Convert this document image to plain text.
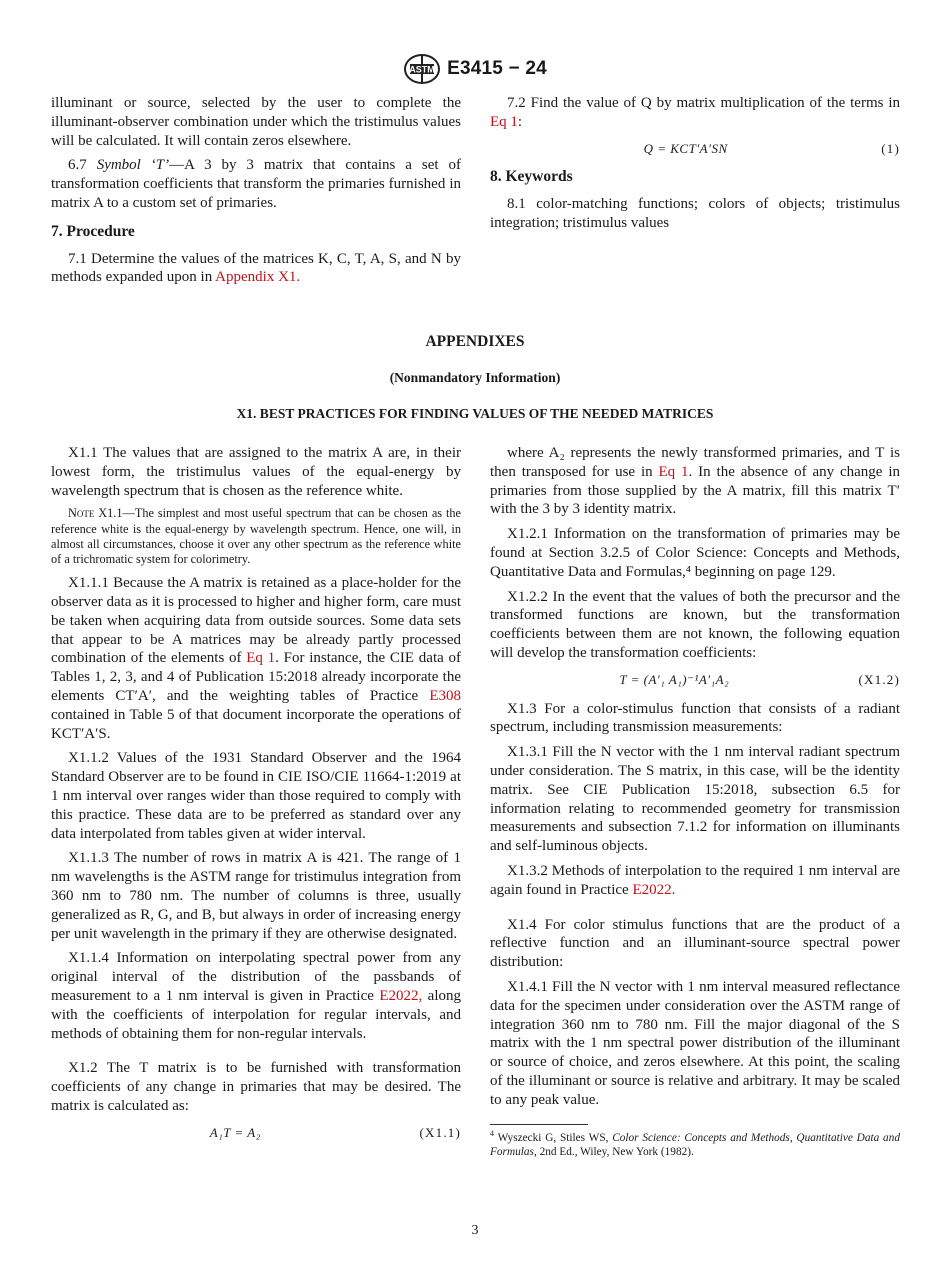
ASTM E3415 − 24

illuminant or source, selected by the user to complete the illuminant-observer combination under which the tristimulus values will be calculated. It will contain zeros elsewhere.

6.7 Symbol ‘T’—A 3 by 3 matrix that contains a set of transformation coefficients that transform the primaries furnished in matrix A to a custom set of primaries.

7. Procedure

7.1 Determine the values of the matrices K, C, T, A, S, and N by methods expanded upon in Appendix X1.

7.2 Find the value of Q by matrix multiplication of the terms in Eq 1:

Q = KCT′A′SN	(1)
8. Keywords

8.1 color-matching functions; colors of objects; tristimulus integration; tristimulus values

APPENDIXES
(Nonmandatory Information)
X1. BEST PRACTICES FOR FINDING VALUES OF THE NEEDED MATRICES

X1.1 The values that are assigned to the matrix A are, in their lowest form, the tristimulus values of the equal-energy by wavelength spectrum that is chosen as the reference white.

Note X1.1—The simplest and most useful spectrum that can be chosen as the reference white is the equal-energy by wavelength spectrum. Hence, one will, in almost all circumstances, choose it over any other spectrum as the reference white of a trichromatic system for colorimetry.

X1.1.1 Because the A matrix is retained as a place-holder for the observer data as it is processed to higher and higher form, care must be taken when acquiring data from outside sources. Some data sets that appear to be A matrices may be already partly processed combination of the elements of Eq 1. For instance, the CIE data of Tables 1, 2, 3, and 4 of Publication 15:2018 already incorporate the elements CT′A′, and the weighting tables of Practice E308 contained in Table 5 of that document incorporate the operations of KCT′A′S.

X1.1.2 Values of the 1931 Standard Observer and the 1964 Standard Observer are to be found in CIE ISO/CIE 11664-1:2019 at 1 nm interval over ranges wider than those required to comply with this practice. These data are to be preferred as standard over any data interpolated from tables given at wider interval.

X1.1.3 The number of rows in matrix A is 421. The range of 1 nm wavelengths is the ASTM range for tristimulus integration from 360 nm to 780 nm. The number of columns is three, usually generalized as R, G, and B, but always in order of increasing energy per unit wavelength in the primary if they are otherwise designated.

X1.1.4 Information on interpolating spectral power from any original interval of the distribution of the passbands of measurement to a 1 nm interval is given in Practice E2022, along with the coefficients of interpolation for regular intervals, and methods of obtaining them for non-regular intervals.

X1.2 The T matrix is to be furnished with transformation coefficients of any change in primaries that may be desired. The matrix is calculated as:

A₁T = A₂	(X1.1)

where A₂ represents the newly transformed primaries, and T is then transposed for use in Eq 1. In the absence of any change in primaries from those supplied by the A matrix, fill this matrix T′ with the 3 by 3 identity matrix.

X1.2.1 Information on the transformation of primaries may be found at Section 3.2.5 of Color Science: Concepts and Methods, Quantitative Data and Formulas,⁴ beginning on page 129.

X1.2.2 In the event that the values of both the precursor and the transformed functions are known, but the transformation coefficients between them are not known, the following equation will develop the transformation coefficients:

T = (A′₁ A₁)⁻¹A′₁A₂	(X1.2)

X1.3 For a color-stimulus function that consists of a radiant spectrum, including transmission measurements:

X1.3.1 Fill the N vector with the 1 nm interval radiant spectrum under consideration. The S matrix, in this case, will be the identity matrix. See CIE Publication 15:2018, subsection 6.5 for information relating to recommended geometry for transmission measurements and subsection 7.1.2 for information on illuminants and self-luminous objects.

X1.3.2 Methods of interpolation to the required 1 nm interval are again found in Practice E2022.

X1.4 For color stimulus functions that are the product of a reflective function and an illuminant-source spectral power distribution:

X1.4.1 Fill the N vector with 1 nm interval measured reflectance data for the specimen under consideration over the ASTM range of integration 360 nm to 780 nm. Fill the major diagonal of the S matrix with the 1 nm spectral power distribution of the illuminant or source of choice, and zeros elsewhere. At this point, the scaling of the illuminant or source is relative and arbitrary. It may be scaled to any peak value.

$^4$ Wyszecki G, Stiles WS, Color Science: Concepts and Methods, Quantitative Data and Formulas, 2nd Ed., Wiley, New York (1982).
3
